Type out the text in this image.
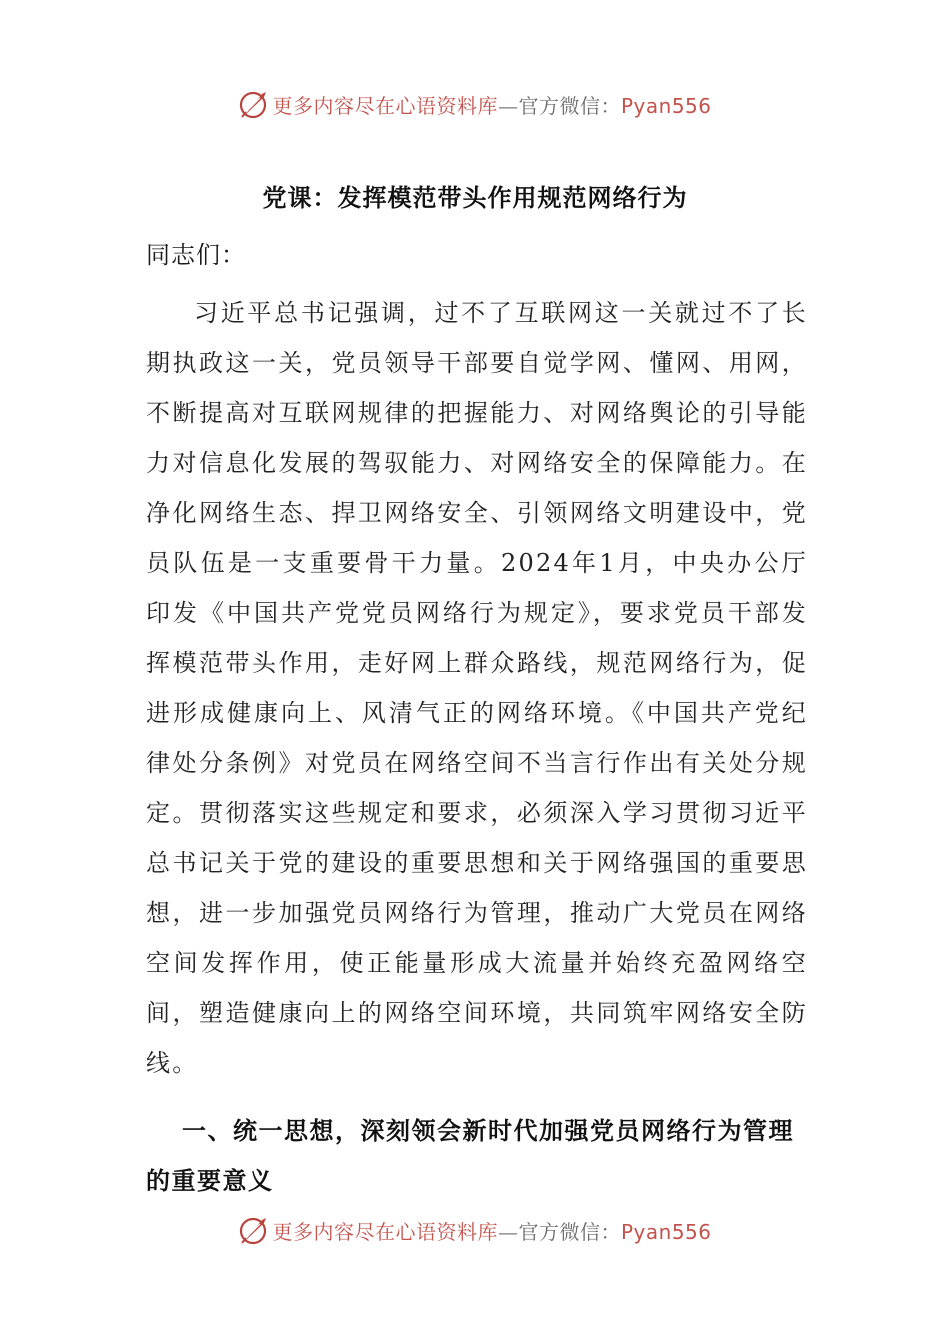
更多内容尽在心语资料库—官方微信：Pyan556
党课：发挥模范带头作用规范网络行为

同志们：

习近平总书记强调，过不了互联网这一关就过不了长期执政这一关，党员领导干部要自觉学网、懂网、用网，不断提高对互联网规律的把握能力、对网络舆论的引导能力对信息化发展的驾驭能力、对网络安全的保障能力。在净化网络生态、捍卫网络安全、引领网络文明建设中，党员队伍是一支重要骨干力量。2024年1月，中央办公厅印发《中国共产党党员网络行为规定》，要求党员干部发挥模范带头作用，走好网上群众路线，规范网络行为，促进形成健康向上、风清气正的网络环境。《中国共产党纪律处分条例》对党员在网络空间不当言行作出有关处分规定。贯彻落实这些规定和要求，必须深入学习贯彻习近平总书记关于党的建设的重要思想和关于网络强国的重要思想，进一步加强党员网络行为管理，推动广大党员在网络空间发挥作用，使正能量形成大流量并始终充盈网络空间，塑造健康向上的网络空间环境，共同筑牢网络安全防线。

一、统一思想，深刻领会新时代加强党员网络行为管理的重要意义

更多内容尽在心语资料库—官方微信：Pyan556
